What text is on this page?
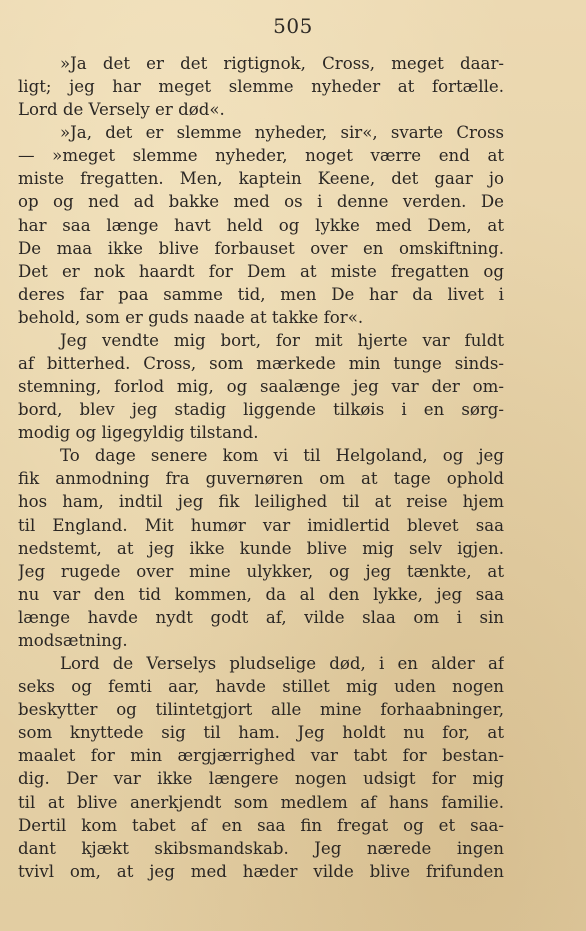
505
»Ja det er det rigtignok, Cross, meget daar-
ligt; jeg har meget slemme nyheder at fortælle.
Lord de Versely er død«.
»Ja, det er slemme nyheder, sir«, svarte Cross
— »meget slemme nyheder, noget værre end at
miste fregatten. Men, kaptein Keene, det gaar jo
op og ned ad bakke med os i denne verden. De
har saa længe havt held og lykke med Dem, at
De maa ikke blive forbauset over en omskiftning.
Det er nok haardt for Dem at miste fregatten og
deres far paa samme tid, men De har da livet i
behold, som er guds naade at takke for«.
Jeg vendte mig bort, for mit hjerte var fuldt
af bitterhed. Cross, som mærkede min tunge sinds-
stemning, forlod mig, og saalænge jeg var der om-
bord, blev jeg stadig liggende tilkøis i en sørg-
modig og ligegyldig tilstand.
To dage senere kom vi til Helgoland, og jeg
fik anmodning fra guvernøren om at tage ophold
hos ham, indtil jeg fik leilighed til at reise hjem
til England. Mit humør var imidlertid blevet saa
nedstemt, at jeg ikke kunde blive mig selv igjen.
Jeg rugede over mine ulykker, og jeg tænkte, at
nu var den tid kommen, da al den lykke, jeg saa
længe havde nydt godt af, vilde slaa om i sin
modsætning.
Lord de Verselys pludselige død, i en alder af
seks og femti aar, havde stillet mig uden nogen
beskytter og tilintetgjort alle mine forhaabninger,
som knyttede sig til ham. Jeg holdt nu for, at
maalet for min ærgjærrighed var tabt for bestan-
dig. Der var ikke længere nogen udsigt for mig
til at blive anerkjendt som medlem af hans familie.
Dertil kom tabet af en saa fin fregat og et saa-
dant kjækt skibsmandskab. Jeg nærede ingen
tvivl om, at jeg med hæder vilde blive frifunden
